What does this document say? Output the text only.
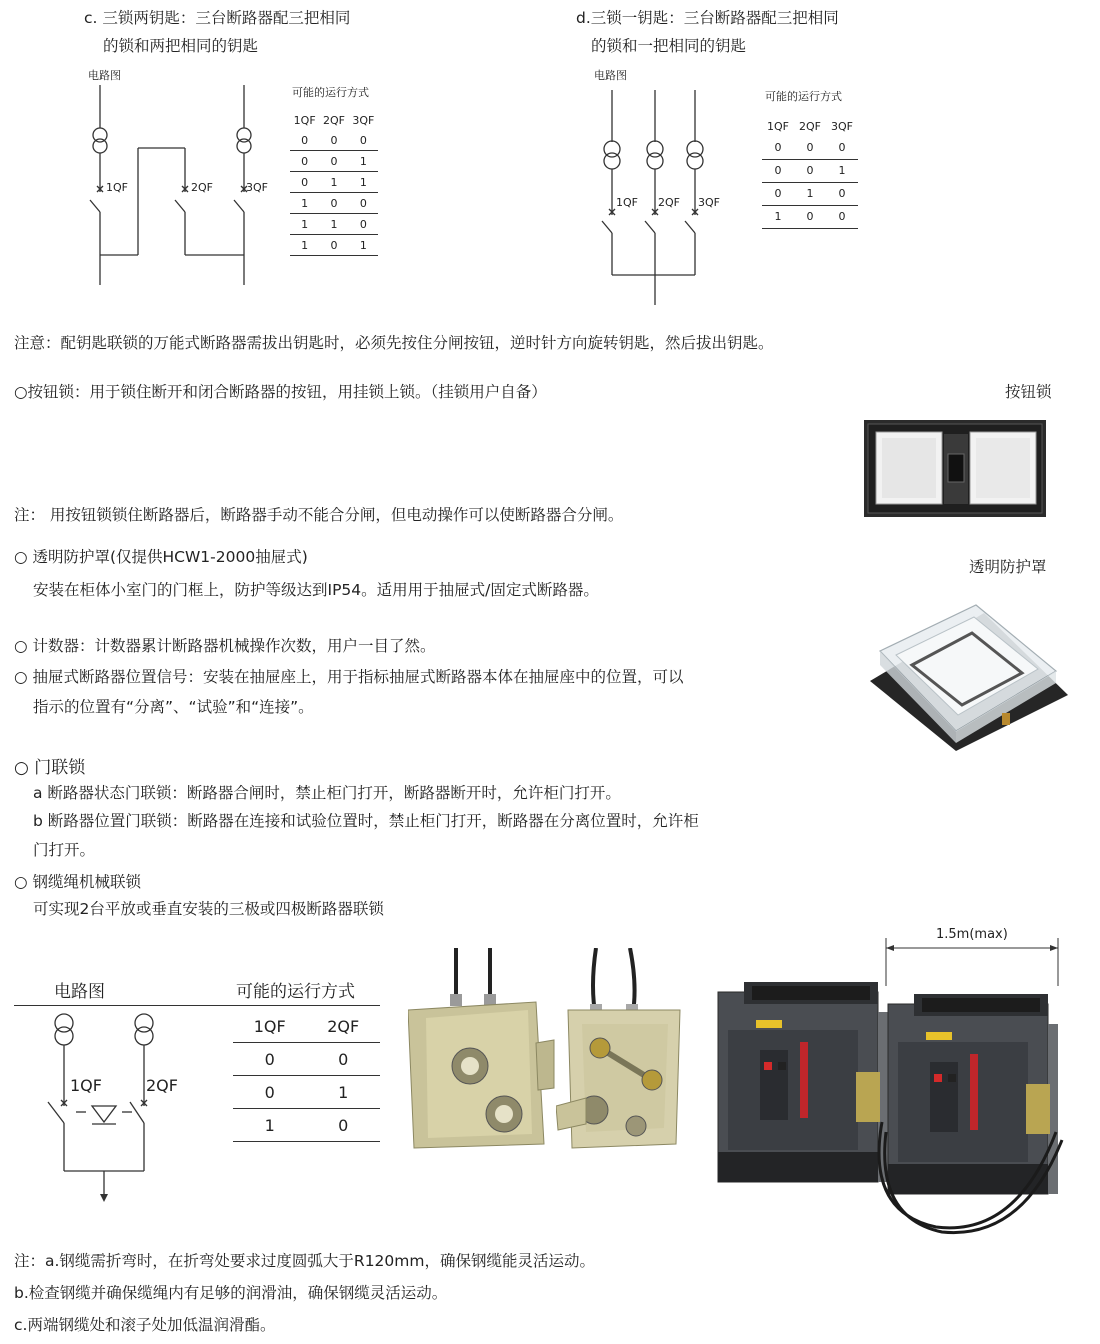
c. 三锁两钥匙：三台断路器配三把相同
的锁和两把相同的钥匙
电路图
可能的运行方式
1QF	2QF	3QF
1QF	2QF	3QF
0	0	0
0	0	1
0	1	1
1	0	0
1	1	0
1	0	1
d.三锁一钥匙：三台断路器配三把相同
的锁和一把相同的钥匙
电路图
可能的运行方式
1QF 2QF 3QF
1QF	2QF	3QF
0	0	0
0	0	1
0	1	0
1	0	0
注意：配钥匙联锁的万能式断路器需拔出钥匙时，必须先按住分闸按钮，逆时针方向旋转钥匙，然后拔出钥匙。
○按钮锁：用于锁住断开和闭合断路器的按钮，用挂锁上锁。（挂锁用户自备）	按钮锁
注： 用按钮锁锁住断路器后，断路器手动不能合分闸，但电动操作可以使断路器合分闸。
○ 透明防护罩(仅提供HCW1-2000抽屉式)
安装在柜体小室门的门框上，防护等级达到IP54。适用用于抽屉式/固定式断路器。
透明防护罩
○ 计数器：计数器累计断路器机械操作次数，用户一目了然。
○ 抽屉式断路器位置信号：安装在抽屉座上，用于指标抽屉式断路器本体在抽屉座中的位置，可以
指示的位置有“分离”、“试验”和“连接”。
○ 门联锁
a 断路器状态门联锁：断路器合闸时，禁止柜门打开，断路器断开时，允许柜门打开。
b 断路器位置门联锁：断路器在连接和试验位置时，禁止柜门打开，断路器在分离位置时，允许柜
门打开。
○ 钢缆绳机械联锁
可实现2台平放或垂直安装的三极或四极断路器联锁
电路图	可能的运行方式
1QF	2QF
1QF	2QF
0	0
0	1
1	0
1.5m(max)
注：a.钢缆需折弯时，在折弯处要求过度圆弧大于R120mm，确保钢缆能灵活运动。
b.检查钢缆并确保缆绳内有足够的润滑油，确保钢缆灵活运动。
c.两端钢缆处和滚子处加低温润滑酯。
